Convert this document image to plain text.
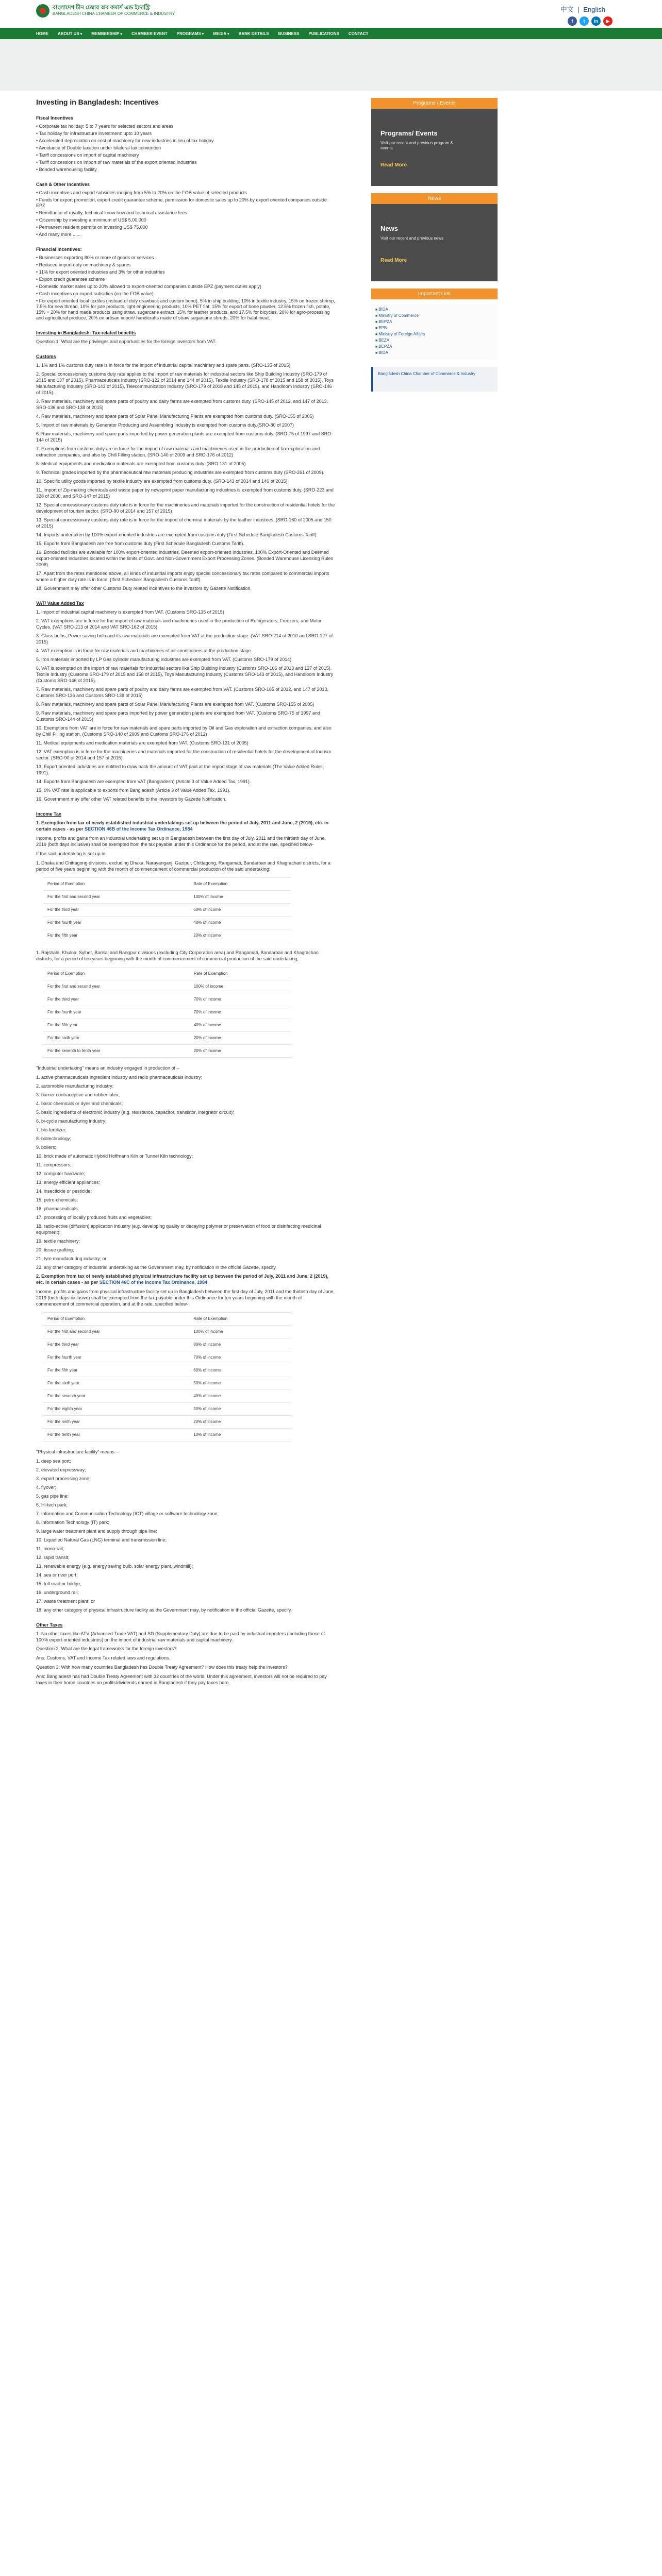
বাংলাদেশ চীন চেম্বার অব কমার্স এন্ড ইন্ডাস্ট্রি
BANGLADESH CHINA CHAMBER OF COMMERCE & INDUSTRY
中文 | English
f	t	in	▶
HOME ABOUT US ▾	MEMBERSHIP ▾	CHAMBER EVENT PROGRAMS ▾	MEDIA ▾	BANK DETAILS BUSINESS PUBLICATIONS CONTACT
Investing in Bangladesh: Incentives
Fiscal Incentives
• Corporate tax holiday: 5 to 7 years for selected sectors and areas
• Tax holiday for infrastructure investment: upto 10 years
• Accelerated depreciation on cost of machinery for new industries in lieu of tax holiday
• Avoidance of Double taxation under bilateral tax convention
• Tariff concessions on import of capital machinery
• Tariff concessions on import of raw materials of the export oriented industries
• Bonded warehousing facility
Cash & Other Incentives
• Cash incentives and export subsidies ranging from 5% to 20% on the FOB value of selected products
• Funds for export promotion, export credit guarantee scheme, permission for domestic sales up to 20% by export oriented companies outside EPZ
• Remittance of royalty, technical know how and technical assistance fees
• Citizenship by investing a minimum of US$ 5,00,000
• Permanent resident permits on investing US$ 75,000
• And many more .......
Financial incentives:
• Businesses exporting 80% or more of goods or services
• Reduced import duty on machinery & spares
• 11% for export oriented industries and 3% for other industries
• Export credit guarantee scheme
• Domestic market sales up to 20% allowed to export-oriented companies outside EPZ (payment duties apply)
• Cash incentives on export subsidies (on the FOB value)
• For export oriented local textiles (instead of duty drawback and custom bond), 5% in ship building, 10% in textile industry, 15% on frozen shrimp, 7.5% for new thread, 10% for jute products, light engineering products, 10% PET flat, 15% for export of bone powder, 12.5% frozen fish, potato, 15% + 20% for hand made products using straw, sugarcane extract, 15% for leather products, and 17.5% for bicycles, 20% for agro-processing and agricultural produce, 20% on artisan import/ handicrafts made of straw sugarcane shreds, 20% for halal meat.
Investing in Bangladesh: Tax-related benefits
Question 1: What are the privileges and opportunities for the foreign investors from VAT.
Customs
1. 1% and 1% customs duty rate is in force for the import of industrial capital machinery and spare parts. (SRO-135 of 2015)
2. Special concessionary customs duty rate applies to the import of raw materials for industrial sectors like Ship Building Industry (SRO-179 of 2015 and 137 of 2015), Pharmaceuticals Industry (SRO-122 of 2014 and 144 of 2015), Textile Industry (SRO-178 of 2015 and 158 of 2015), Toys Manufacturing Industry (SRO-143 of 2015), Telecommunication Industry (SRO-179 of 2008 and 145 of 2015), and Handloom Industry (SRO-146 of 2015).
3. Raw materials, machinery and spare parts of poultry and dairy farms are exempted from customs duty. (SRO-145 of 2012, and 147 of 2013, SRO-136 and SRO-138 of 2015)
4. Raw materials, machinery and spare parts of Solar Panel Manufacturing Plants are exempted from customs duty. (SRO-155 of 2005)
5. Import of raw materials by Generator Producing and Assembling Industry is exempted from customs duty.(SRO-80 of 2007)
6. Raw materials, machinery and spare parts imported by power generation plants are exempted from customs duty. (SRO-75 of 1997 and SRO-144 of 2015)
7. Exemptions from customs duty are in force for the import of raw materials and machineries used in the production of tax exploration and extraction companies, and also by Chill Filling station. (SRO-140 of 2009 and SRO-176 of 2012)
8. Medical equipments and medication materials are exempted from customs duty. (SRO-131 of 2005)
9. Technical grades imported by the pharmaceutical raw materials producing industries are exempted from customs duty (SRO-261 of 2009).
10. Specific utility goods imported by textile industry are exempted from customs duty. (SRO-143 of 2014 and 146 of 2015)
11. Import of Zip-making chemicals and waste paper by newsprint paper manufacturing industries is exempted from customs duty. (SRO-223 and 328 of 2000, and SRO-147 of 2015)
12. Special concessionary customs duty rate is in force for the machineries and materials imported for the construction of residential hotels for the development of tourism sector. (SRO-90 of 2014 and 157 of 2015)
13. Special concessionary customs duty rate is in force for the import of chemical materials by the leather industries. (SRO-160 of 2005 and 150 of 2015)
14. Imports undertaken by 100% export-oriented industries are exempted from customs duty (First Schedule Bangladesh Customs Tariff).
15. Exports from Bangladesh are free from customs duty (First Schedule Bangladesh Customs Tariff).
16. Bonded facilities are available for 100% export-oriented industries, Deemed export-oriented industries, 100% Export-Oriented and Deemed export-oriented industries located within the limits of Govt. and Non-Government Export Processing Zones. (Bonded Warehouse Licensing Rules 2008)
17. Apart from the rates mentioned above, all kinds of industrial imports enjoy special concessionary tax rates compared to commercial imports where a higher duty rate is in force. (Ifirst Schedule: Bangladesh Customs Tariff)
18. Government may offer other Customs Duty related incentives to the investors by Gazette Notification.
VAT/ Value Added Tax
1. Import of industrial capital machinery is exempted from VAT. (Customs SRO-135 of 2015)
2. VAT exemptions are in force for the import of raw materials and machineries used in the production of Refrigerators, Freezers, and Motor Cycles. (VAT SRO-213 of 2014 and VAT SRO-162 of 2015)
3. Glass bulbs, Power saving bulb and its raw materials are exempted from VAT at the production stage. (VAT SRO-214 of 2010 and SRO-127 of 2015)
4. VAT exemption is in force for raw materials and machineries of air-conditioners at the production stage.
5. Iron materials imported by LP Gas cylinder manufacturing industries are exempted from VAT. (Customs SRO-179 of 2014)
6. VAT is exempted on the import of raw materials for industrial sectors like Ship Building Industry (Customs SRO-106 of 2013 and 137 of 2015), Textile Industry (Customs SRO-179 of 2015 and 158 of 2015), Toys Manufacturing Industry (Customs SRO-143 of 2015), and Handloom Industry (Customs SRO-146 of 2015).
7. Raw materials, machinery and spare parts of poultry and dairy farms are exempted from VAT. (Customs SRO-185 of 2012, and 147 of 2013, Customs SRO-136 and Customs SRO-138 of 2015)
8. Raw materials, machinery and spare parts of Solar Panel Manufacturing Plants are exempted from VAT. (Customs SRO-155 of 2005)
9. Raw materials, machinery and spare parts imported by power generation plants are exempted from VAT. (Customs SRO-75 of 1997 and Customs SRO-144 of 2015)
10. Exemptions from VAT are in force for raw materials and spare parts imported by Oil and Gas exploration and extraction companies, and also by Chill Filling station. (Customs SRO-140 of 2009 and Customs SRO-176 of 2012)
11. Medical equipments and medication materials are exempted from VAT. (Customs SRO-131 of 2005)
12. VAT exemption is in force for the machineries and materials imported for the construction of residential hotels for the development of tourism sector. (SRO-90 of 2014 and 157 of 2015)
13. Export oriented industries are entitled to draw back the amount of VAT paid at the import stage of raw materials (The Value Added Rules, 1991).
14. Exports from Bangladesh are exempted from VAT (Bangladesh) (Article 3 of Value Added Tax, 1991).
15. 0% VAT rate is applicable to exports from Bangladesh (Article 3 of Value Added Tax, 1991).
16. Government may offer other VAT related benefits to the investors by Gazette Notification.
Income Tax
1. Exemption from tax of newly established industrial undertakings set up between the period of July, 2011 and June, 2 (2019), etc. in certain cases - as per SECTION 46B of the Income Tax Ordinance, 1984
Income, profits and gains from an industrial undertaking set up in Bangladesh between the first day of July, 2011 and the thirtieth day of June, 2019 (both days inclusive) shall be exempted from the tax payable under this Ordinance for the period, and at the rate, specified below-
If the said undertaking is set up in-
1. Dhaka and Chittagong divisions, excluding Dhaka, Narayanganj, Gazipur, Chittagong, Rangamati, Bandarban and Khagrachari districts, for a period of five years beginning with the month of commencement of commercial production of the said undertaking;
Period of Exemption	Rate of Exemption
For the first and second year	100% of income
For the third year	60% of income
For the fourth year	40% of income
For the fifth year	20% of income
1. Rajshahi, Khulna, Sylhet, Barisal and Rangpur divisions (excluding City Corporation area) and Rangamati, Bandarban and Khagrachari districts, for a period of ten years beginning with the month of commencement of commercial production of the said undertaking;
Period of Exemption	Rate of Exemption
For the first and second year	100% of income
For the third year	70% of income
For the fourth year	70% of income
For the fifth year	40% of income
For the sixth year	20% of income
For the seventh to tenth year	20% of income
"Industrial undertaking" means an industry engaged in production of –
1. active pharmaceuticals ingredient industry and radio pharmaceuticals industry;
2. automobile manufacturing industry;
3. barrier contraceptive and rubber latex;
4. basic chemicals or dyes and chemicals;
5. basic ingredients of electronic industry (e.g. resistance, capacitor, transistor, integrator circuit);
6. bi-cycle manufacturing industry;
7. bio-fertilizer;
8. biotechnology;
9. boilers;
10. brick made of automatic Hybrid Hoffmann Kiln or Tunnel Kiln technology;
11. compressors;
12. computer hardware;
13. energy efficient appliances;
14. insecticide or pesticide;
15. petro-chemicals;
16. pharmaceuticals;
17. processing of locally produced fruits and vegetables;
18. radio-active (diffusion) application industry (e.g. developing quality or decaying polymer or preservation of food or disinfecting medicinal equipment);
19. textile machinery;
20. tissue grafting;
21. tyre manufacturing industry; or
22. any other category of industrial undertaking as the Government may, by notification in the official Gazette, specify.
2. Exemption from tax of newly established physical infrastructure facility set up between the period of July, 2011 and June, 2 (2019), etc. in certain cases - as per SECTION 46C of the Income Tax Ordinance, 1984
Income, profits and gains from physical infrastructure facility set up in Bangladesh between the first day of July, 2011 and the thirtieth day of June, 2019 (both days inclusive) shall be exempted from the tax payable under this Ordinance for ten years beginning with the month of commencement of commercial operation, and at the rate, specified below-
Period of Exemption	Rate of Exemption
For the first and second year	100% of income
For the third year	80% of income
For the fourth year	70% of income
For the fifth year	60% of income
For the sixth year	50% of income
For the seventh year	40% of income
For the eighth year	30% of income
For the ninth year	20% of income
For the tenth year	10% of income
"Physical infrastructure facility" means –
1. deep sea port;
2. elevated expressway;
3. export processing zone;
4. flyover;
5. gas pipe line;
6. Hi-tech park;
7. Information and Communication Technology (ICT) village or software technology zone;
8. Information Technology (IT) park;
9. large water treatment plant and supply through pipe line;
10. Liquefied Natural Gas (LNG) terminal and transmission line;
11. mono-rail;
12. rapid transit;
13. renewable energy (e.g. energy saving bulb, solar energy plant, windmill);
14. sea or river port;
15. toll road or bridge;
16. underground rail;
17. waste treatment plant; or
18. any other category of physical infrastructure facility as the Government may, by notification in the official Gazette, specify.
Other Taxes
1. No other taxes like ATV (Advanced Trade VAT) and SD (Supplementary Duty) are due to be paid by industrial importers (including those of 100% export-oriented industries) on the import of industrial raw materials and capital machinery.
Question 2: What are the legal frameworks for the foreign investors?
Ans: Customs, VAT and Income Tax related laws and regulations.
Question 3: With how many countries Bangladesh has Double Treaty Agreement? How does this treaty help the investors?
Ans: Bangladesh has had Double Treaty Agreement with 32 countries of the world. Under this agreement, investors will not be required to pay taxes in their home countries on profits/dividends earned in Bangladesh if they pay taxes here.
Programs / Events
Programs/ Events
Visit our recent and previous program & events
Read More
News
News
Visit our recent and previous news
Read More
Important Link
■ BIDA
■ Ministry of Commerce
■ BEPZA
■ EPB
■ Ministry of Foreign Affairs
■ BEZA
■ BEPZA
■ BIDA
Bangladesh China Chamber of Commerce & Industry
